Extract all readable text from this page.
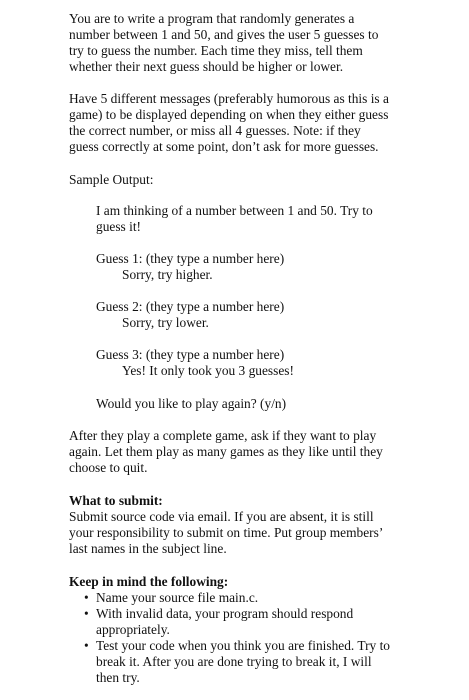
You are to write a program that randomly generates a
number between 1 and 50, and gives the user 5 guesses to
try to guess the number. Each time they miss, tell them
whether their next guess should be higher or lower.
Have 5 different messages (preferably humorous as this is a
game) to be displayed depending on when they either guess
the correct number, or miss all 4 guesses. Note: if they
guess correctly at some point, don’t ask for more guesses.
Sample Output:
I am thinking of a number between 1 and 50. Try to
guess it!
Guess 1: (they type a number here)
Sorry, try higher.
Guess 2: (they type a number here)
Sorry, try lower.
Guess 3: (they type a number here)
Yes! It only took you 3 guesses!
Would you like to play again? (y/n)
After they play a complete game, ask if they want to play
again. Let them play as many games as they like until they
choose to quit.
What to submit:
Submit source code via email. If you are absent, it is still
your responsibility to submit on time. Put group members’
last names in the subject line.
Keep in mind the following:
• Name your source file main.c.
• With invalid data, your program should respond
appropriately.
• Test your code when you think you are finished. Try to
break it. After you are done trying to break it, I will
then try.
